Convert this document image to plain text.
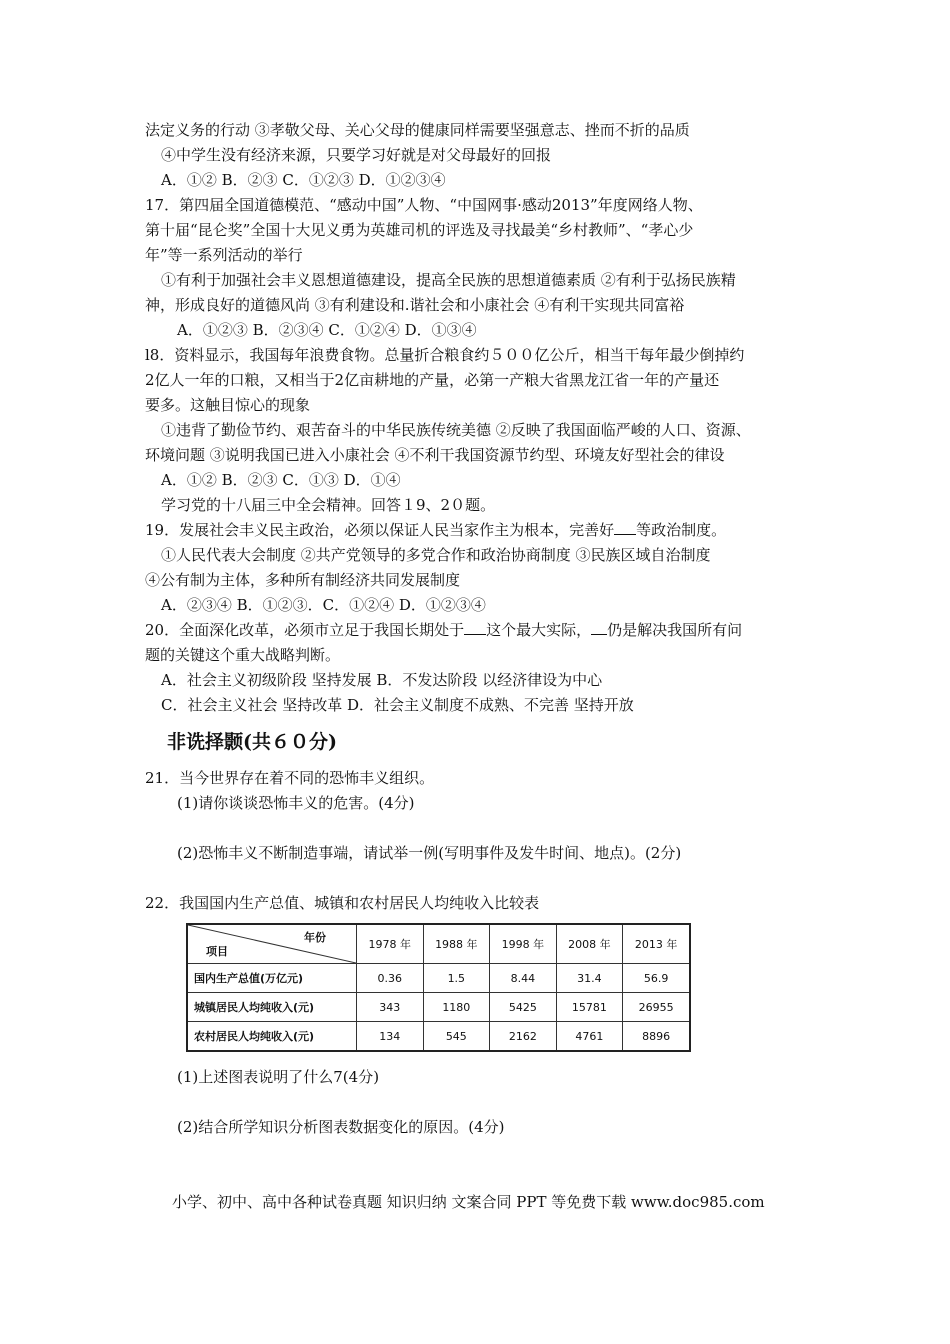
法定义务的行动 ③孝敬父母、关心父母的健康同样需要坚强意志、挫而不折的品质
④中学生没有经济来源，只要学习好就是对父母最好的回报
A．①② B．②③ C．①②③ D．①②③④
17．第四届全国道德模范、“感动中国”人物、“中国网事·感动2013”年度网络人物、
第十届“昆仑奖”全国十大见义勇为英雄司机的评选及寻找最美“乡村教师”、“孝心少
年”等一系列活动的举行
①有利于加强社会丰义恩想道德建设，提高全民族的思想道德素质 ②有利于弘扬民族精
神，形成良好的道德风尚 ③有利建设和.谐社会和小康社会 ④有利干实现共同富裕
A．①②③ B．②③④ C．①②④ D．①③④
l8．资料显示，我国每年浪费食物。总量折合粮食约５００亿公斤，相当干每年最少倒掉约
2亿人一年的口粮，又相当于2亿亩耕地的产量，必第一产粮大省黑龙江省一年的产量还
要多。这触目惊心的现象
①违背了勤俭节约、艰苦奋斗的中华民族传统美德 ②反映了我国面临严峻的人口、资源、
环境问题 ③说明我国已进入小康社会 ④不利干我国资源节约型、环境友好型社会的律设
A．①② B．②③ C．①③ D．①④
学习党的十八届三中全会精神。回答１9、2０题。
19．发展社会丰义民主政治，必须以保证人民当家作主为根本，完善好 等政治制度。
①人民代表大会制度 ②共产党领导的多党合作和政治协商制度 ③民族区域自治制度
④公有制为主体，多种所有制经济共同发展制度
A．②③④ B．①②③．C．①②④ D．①②③④
20．全面深化改革，必须市立足于我国长期处于 这个最大实际， 仍是解决我国所有问
题的关键这个重大战略判断。
A．社会主义初级阶段 坚持发展 B．不发达阶段 以经济律设为中心
C．社会主义社会 坚持改革 D．社会主义制度不成熟、不完善 坚持开放
非诜择颢(共６０分)
21．当今世界存在着不同的恐怖丰义组织。
(1)请你谈谈恐怖丰义的危害。(4分)
(2)恐怖丰义不断制造事端，请试举一例(写明事件及发牛时间、地点)。(2分)
22．我国国内生产总值、城镇和农村居民人均纯收入比较表
年份
项目	1978 年	1988 年	1998 年	2008 年	2013 年
国内生产总值(万亿元)	0.36	1.5	8.44	31.4	56.9
城镇居民人均纯收入(元)	343	1180	5425	15781	26955
农村居民人均纯收入(元)	134	545	2162	4761	8896
(1)上述图表说明了什么7(4分)
(2)结合所学知识分析图表数据变化的原因。(4分)
小学、初中、高中各种试卷真题 知识归纳 文案合同 PPT 等免费下载 www.doc985.com
